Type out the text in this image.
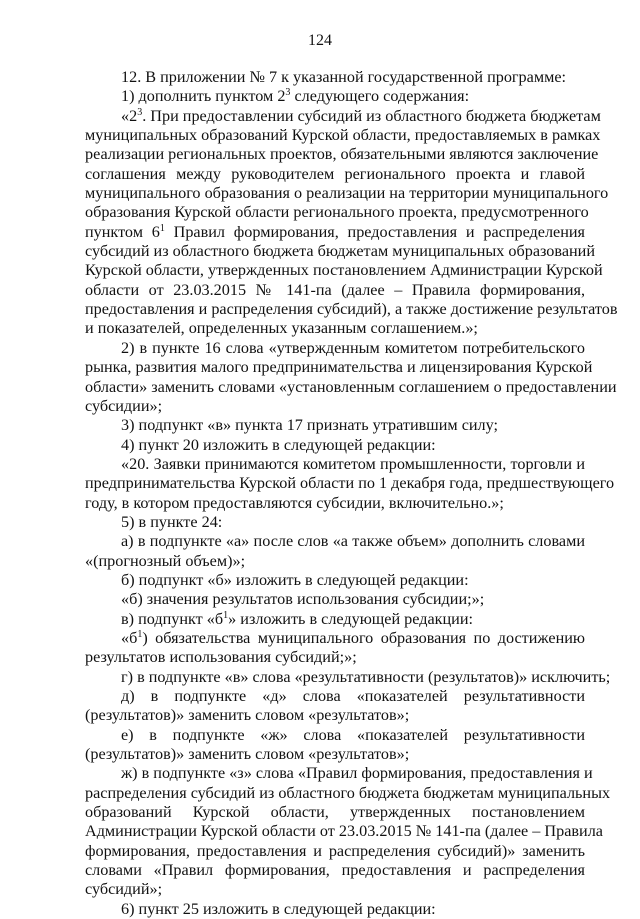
124
12. В приложении № 7 к указанной государственной программе:
1) дополнить пунктом $2^3$ следующего содержания:
«$2^3$. При предоставлении субсидий из областного бюджета бюджетам
муниципальных образований Курской области, предоставляемых в рамках
реализации региональных проектов, обязательными являются заключение
соглашения между руководителем регионального проекта и главой
муниципального образования о реализации на территории муниципального
образования Курской области регионального проекта, предусмотренного
пунктом $6^1$ Правил формирования, предоставления и распределения
субсидий из областного бюджета бюджетам муниципальных образований
Курской области, утвержденных постановлением Администрации Курской
области от 23.03.2015 № 141-па (далее – Правила формирования,
предоставления и распределения субсидий), а также достижение результатов
и показателей, определенных указанным соглашением.»;
2) в пункте 16 слова «утвержденным комитетом потребительского
рынка, развития малого предпринимательства и лицензирования Курской
области» заменить словами «установленным соглашением о предоставлении
субсидии»;
3) подпункт «в» пункта 17 признать утратившим силу;
4) пункт 20 изложить в следующей редакции:
«20. Заявки принимаются комитетом промышленности, торговли и
предпринимательства Курской области по 1 декабря года, предшествующего
году, в котором предоставляются субсидии, включительно.»;
5) в пункте 24:
а) в подпункте «а» после слов «а также объем» дополнить словами
«(прогнозный объем)»;
б) подпункт «б» изложить в следующей редакции:
«б) значения результатов использования субсидии;»;
в) подпункт «$б^1$» изложить в следующей редакции:
«$б^1$) обязательства муниципального образования по достижению
результатов использования субсидий;»;
г) в подпункте «в» слова «результативности (результатов)» исключить;
д) в подпункте «д» слова «показателей результативности
(результатов)» заменить словом «результатов»;
е) в подпункте «ж» слова «показателей результативности
(результатов)» заменить словом «результатов»;
ж) в подпункте «з» слова «Правил формирования, предоставления и
распределения субсидий из областного бюджета бюджетам муниципальных
образований Курской области, утвержденных постановлением
Администрации Курской области от 23.03.2015 № 141-па (далее – Правила
формирования, предоставления и распределения субсидий)» заменить
словами «Правил формирования, предоставления и распределения
субсидий»;
6) пункт 25 изложить в следующей редакции:
